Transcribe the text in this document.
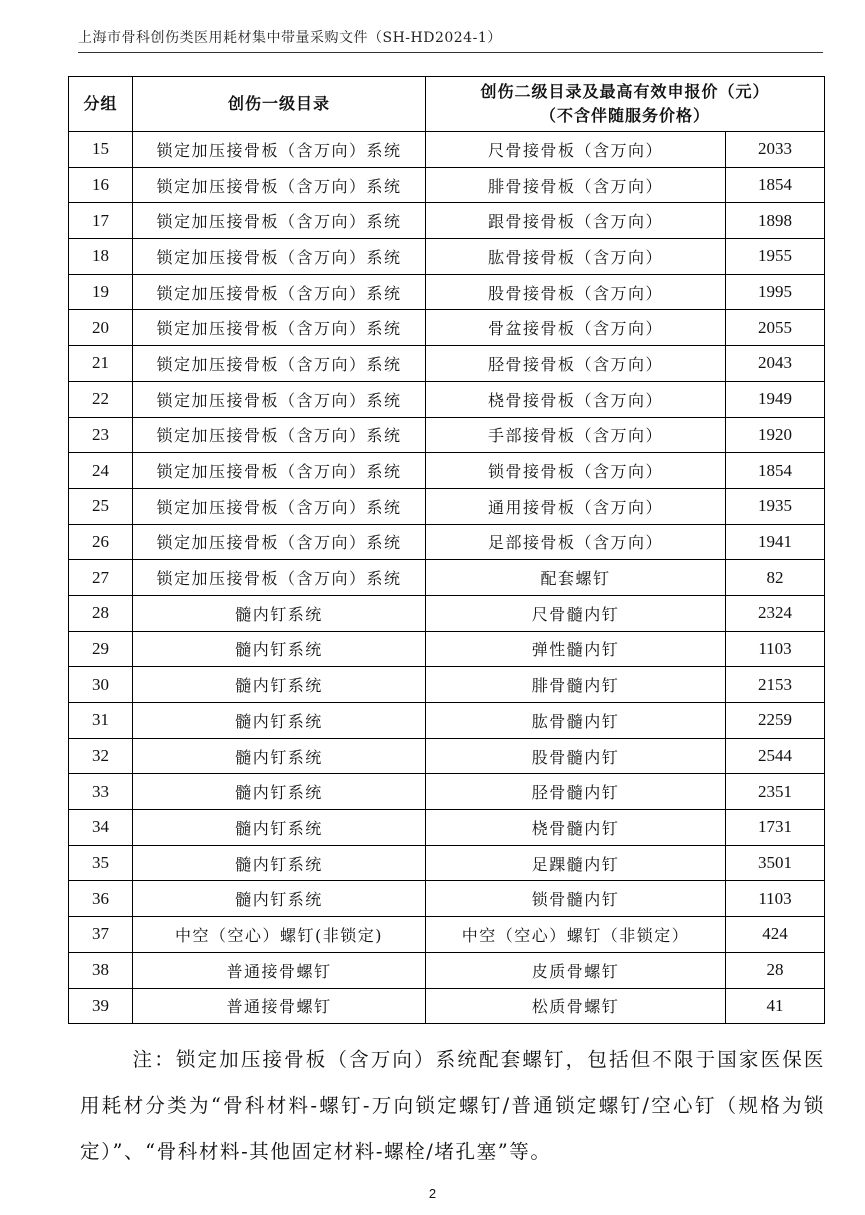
上海市骨科创伤类医用耗材集中带量采购文件（SH-HD2024-1）
分组	创伤一级目录	创伤二级目录及最高有效申报价（元）
（不含伴随服务价格）	

15	锁定加压接骨板（含万向）系统	尺骨接骨板（含万向）	2033
16	锁定加压接骨板（含万向）系统	腓骨接骨板（含万向）	1854
17	锁定加压接骨板（含万向）系统	跟骨接骨板（含万向）	1898
18	锁定加压接骨板（含万向）系统	肱骨接骨板（含万向）	1955
19	锁定加压接骨板（含万向）系统	股骨接骨板（含万向）	1995
20	锁定加压接骨板（含万向）系统	骨盆接骨板（含万向）	2055
21	锁定加压接骨板（含万向）系统	胫骨接骨板（含万向）	2043
22	锁定加压接骨板（含万向）系统	桡骨接骨板（含万向）	1949
23	锁定加压接骨板（含万向）系统	手部接骨板（含万向）	1920
24	锁定加压接骨板（含万向）系统	锁骨接骨板（含万向）	1854
25	锁定加压接骨板（含万向）系统	通用接骨板（含万向）	1935
26	锁定加压接骨板（含万向）系统	足部接骨板（含万向）	1941
27	锁定加压接骨板（含万向）系统	配套螺钉	82
28	髓内钉系统	尺骨髓内钉	2324
29	髓内钉系统	弹性髓内钉	1103
30	髓内钉系统	腓骨髓内钉	2153
31	髓内钉系统	肱骨髓内钉	2259
32	髓内钉系统	股骨髓内钉	2544
33	髓内钉系统	胫骨髓内钉	2351
34	髓内钉系统	桡骨髓内钉	1731
35	髓内钉系统	足踝髓内钉	3501
36	髓内钉系统	锁骨髓内钉	1103
37	中空（空心）螺钉(非锁定)	中空（空心）螺钉（非锁定）	424
38	普通接骨螺钉	皮质骨螺钉	28
39	普通接骨螺钉	松质骨螺钉	41
注：锁定加压接骨板（含万向）系统配套螺钉，包括但不限于国家医保医用耗材分类为“骨科材料-螺钉-万向锁定螺钉/普通锁定螺钉/空心钉（规格为锁定）”、“骨科材料-其他固定材料-螺栓/堵孔塞”等。
2
